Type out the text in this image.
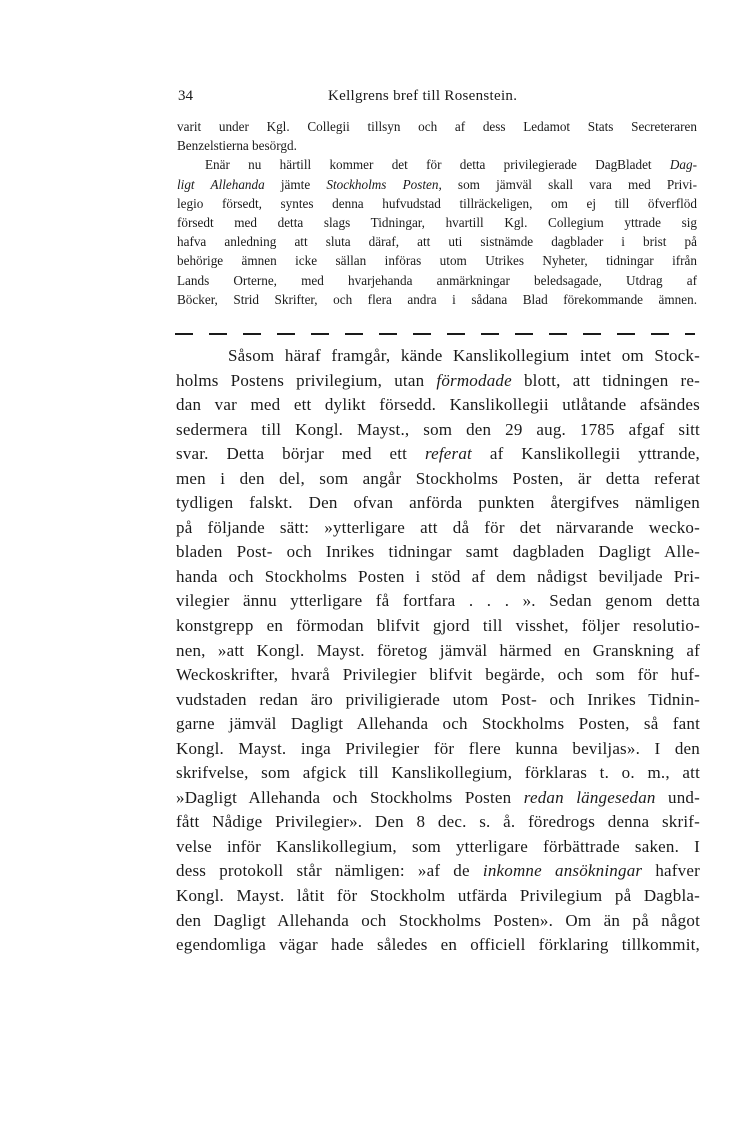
34	Kellgrens bref till Rosenstein.
varit under Kgl. Collegii tillsyn och af dess Ledamot Stats Secreteraren
Benzelstierna besörgd.
Enär nu härtill kommer det för detta privilegierade DagBladet Dag-
ligt Allehanda jämte Stockholms Posten, som jämväl skall vara med Privi-
legio försedt, syntes denna hufvudstad tillräckeligen, om ej till öfverflöd
försedt med detta slags Tidningar, hvartill Kgl. Collegium yttrade sig
hafva anledning att sluta däraf, att uti sistnämde dagblader i brist på
behörige ämnen icke sällan införas utom Utrikes Nyheter, tidningar ifrån
Lands Orterne, med hvarjehanda anmärkningar beledsagade, Utdrag af
Böcker, Strid Skrifter, och flera andra i sådana Blad förekommande ämnen.
Såsom häraf framgår, kände Kanslikollegium intet om Stock-
holms Postens privilegium, utan förmodade blott, att tidningen re-
dan var med ett dylikt försedd. Kanslikollegii utlåtande afsändes
sedermera till Kongl. Mayst., som den 29 aug. 1785 afgaf sitt
svar. Detta börjar med ett referat af Kanslikollegii yttrande,
men i den del, som angår Stockholms Posten, är detta referat
tydligen falskt. Den ofvan anförda punkten återgifves nämligen
på följande sätt: »ytterligare att då för det närvarande wecko-
bladen Post- och Inrikes tidningar samt dagbladen Dagligt Alle-
handa och Stockholms Posten i stöd af dem nådigst beviljade Pri-
vilegier ännu ytterligare få fortfara . . . ». Sedan genom detta
konstgrepp en förmodan blifvit gjord till visshet, följer resolutio-
nen, »att Kongl. Mayst. företog jämväl härmed en Granskning af
Weckoskrifter, hvarå Privilegier blifvit begärde, och som för huf-
vudstaden redan äro priviligierade utom Post- och Inrikes Tidnin-
garne jämväl Dagligt Allehanda och Stockholms Posten, så fant
Kongl. Mayst. inga Privilegier för flere kunna beviljas». I den
skrifvelse, som afgick till Kanslikollegium, förklaras t. o. m., att
»Dagligt Allehanda och Stockholms Posten redan längesedan und-
fått Nådige Privilegier». Den 8 dec. s. å. föredrogs denna skrif-
velse inför Kanslikollegium, som ytterligare förbättrade saken. I
dess protokoll står nämligen: »af de inkomne ansökningar hafver
Kongl. Mayst. låtit för Stockholm utfärda Privilegium på Dagbla-
den Dagligt Allehanda och Stockholms Posten». Om än på något
egendomliga vägar hade således en officiell förklaring tillkommit,
